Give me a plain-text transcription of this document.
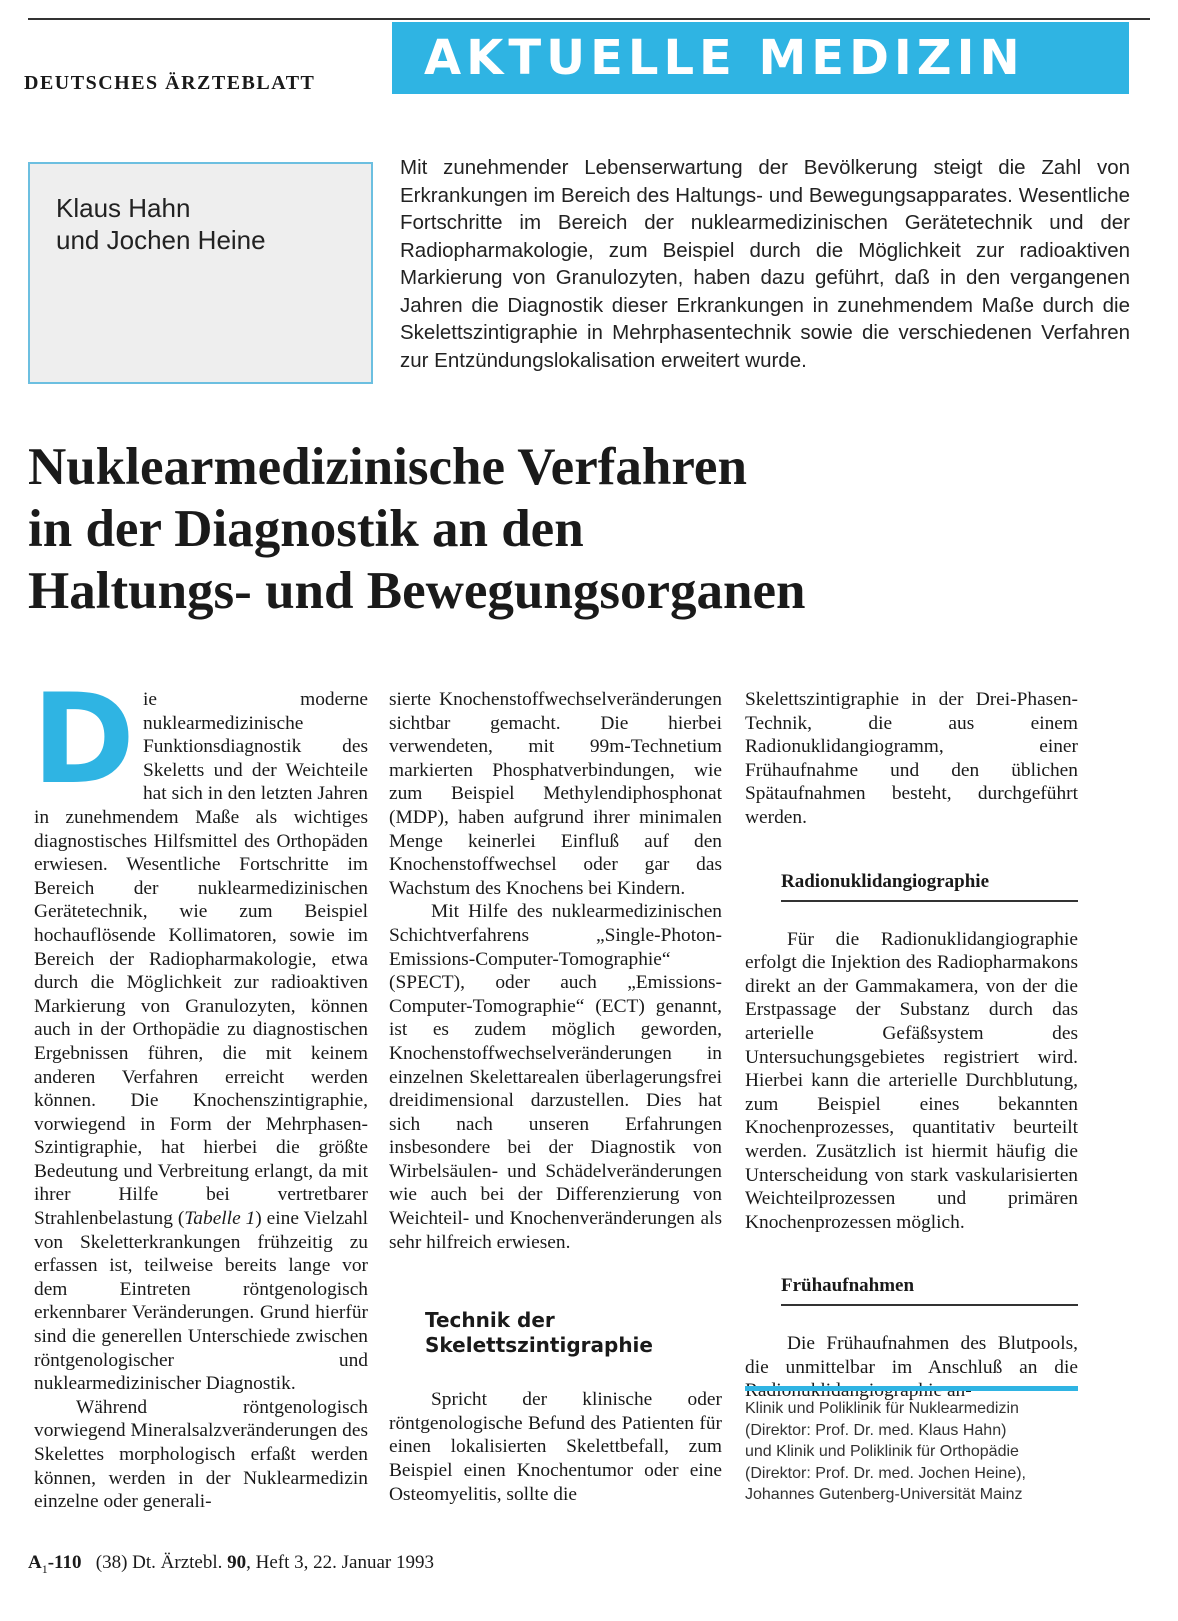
DEUTSCHES ÄRZTEBLATT	AKTUELLE MEDIZIN
Klaus Hahn
und Jochen Heine
Mit zunehmender Lebenserwartung der Bevölkerung steigt die Zahl von Erkrankungen im Bereich des Haltungs- und Bewegungsapparates. Wesentliche Fortschritte im Bereich der nuklearmedizinischen Gerätetechnik und der Radiopharmakologie, zum Beispiel durch die Möglichkeit zur radioaktiven Markierung von Granulozyten, haben dazu geführt, daß in den vergangenen Jahren die Diagnostik dieser Erkrankungen in zunehmendem Maße durch die Skelettszintigraphie in Mehrphasentechnik sowie die verschiedenen Verfahren zur Entzündungslokalisation erweitert wurde.
Nuklearmedizinische Verfahren
in der Diagnostik an den
Haltungs- und Bewegungsorganen

Die moderne nuklearmedizinische Funktionsdiagnostik des Skeletts und der Weichteile hat sich in den letzten Jahren in zunehmendem Maße als wichtiges diagnostisches Hilfsmittel des Orthopäden erwiesen. Wesentliche Fortschritte im Bereich der nuklearmedizinischen Gerätetechnik, wie zum Beispiel hochauflösende Kollimatoren, sowie im Bereich der Radiopharmakologie, etwa durch die Möglichkeit zur radioaktiven Markierung von Granulozyten, können auch in der Orthopädie zu diagnostischen Ergebnissen führen, die mit keinem anderen Verfahren erreicht werden können. Die Knochenszintigraphie, vorwiegend in Form der Mehrphasen-Szintigraphie, hat hierbei die größte Bedeutung und Verbreitung erlangt, da mit ihrer Hilfe bei vertretbarer Strahlenbelastung (Tabelle 1) eine Vielzahl von Skeletterkrankungen frühzeitig zu erfassen ist, teilweise bereits lange vor dem Eintreten röntgenologisch erkennbarer Veränderungen. Grund hierfür sind die generellen Unterschiede zwischen röntgenologischer und nuklearmedizinischer Diagnostik.

Während röntgenologisch vorwiegend Mineralsalzveränderungen des Skelettes morphologisch erfaßt werden können, werden in der Nuklearmedizin einzelne oder generali-

sierte Knochenstoffwechselveränderungen sichtbar gemacht. Die hierbei verwendeten, mit 99m-Technetium markierten Phosphatverbindungen, wie zum Beispiel Methylendiphosphonat (MDP), haben aufgrund ihrer minimalen Menge keinerlei Einfluß auf den Knochenstoffwechsel oder gar das Wachstum des Knochens bei Kindern.

Mit Hilfe des nuklearmedizinischen Schichtverfahrens „Single-Photon-Emissions-Computer-Tomographie“ (SPECT), oder auch „Emissions-Computer-Tomographie“ (ECT) genannt, ist es zudem möglich geworden, Knochenstoffwechselveränderungen in einzelnen Skelettarealen überlagerungsfrei dreidimensional darzustellen. Dies hat sich nach unseren Erfahrungen insbesondere bei der Diagnostik von Wirbelsäulen- und Schädelveränderungen wie auch bei der Differenzierung von Weichteil- und Knochenveränderungen als sehr hilfreich erwiesen.

Technik der
Skelettszintigraphie

Spricht der klinische oder röntgenologische Befund des Patienten für einen lokalisierten Skelettbefall, zum Beispiel einen Knochentumor oder eine Osteomyelitis, sollte die

Skelettszintigraphie in der Drei-Phasen-Technik, die aus einem Radionuklidangiogramm, einer Frühaufnahme und den üblichen Spätaufnahmen besteht, durchgeführt werden.

Radionuklidangiographie

Für die Radionuklidangiographie erfolgt die Injektion des Radiopharmakons direkt an der Gammakamera, von der die Erstpassage der Substanz durch das arterielle Gefäßsystem des Untersuchungsgebietes registriert wird. Hierbei kann die arterielle Durchblutung, zum Beispiel eines bekannten Knochenprozesses, quantitativ beurteilt werden. Zusätzlich ist hiermit häufig die Unterscheidung von stark vaskularisierten Weichteilprozessen und primären Knochenprozessen möglich.

Frühaufnahmen

Die Frühaufnahmen des Blutpools, die unmittelbar im Anschluß an die

Klinik und Poliklinik für Nuklearmedizin
(Direktor: Prof. Dr. med. Klaus Hahn)
und Klinik und Poliklinik für Orthopädie
(Direktor: Prof. Dr. med. Jochen Heine),
Johannes Gutenberg-Universität Mainz
$A_1-110$ (38) Dt. Ärztebl. 90, Heft 3, 22. Januar 1993
